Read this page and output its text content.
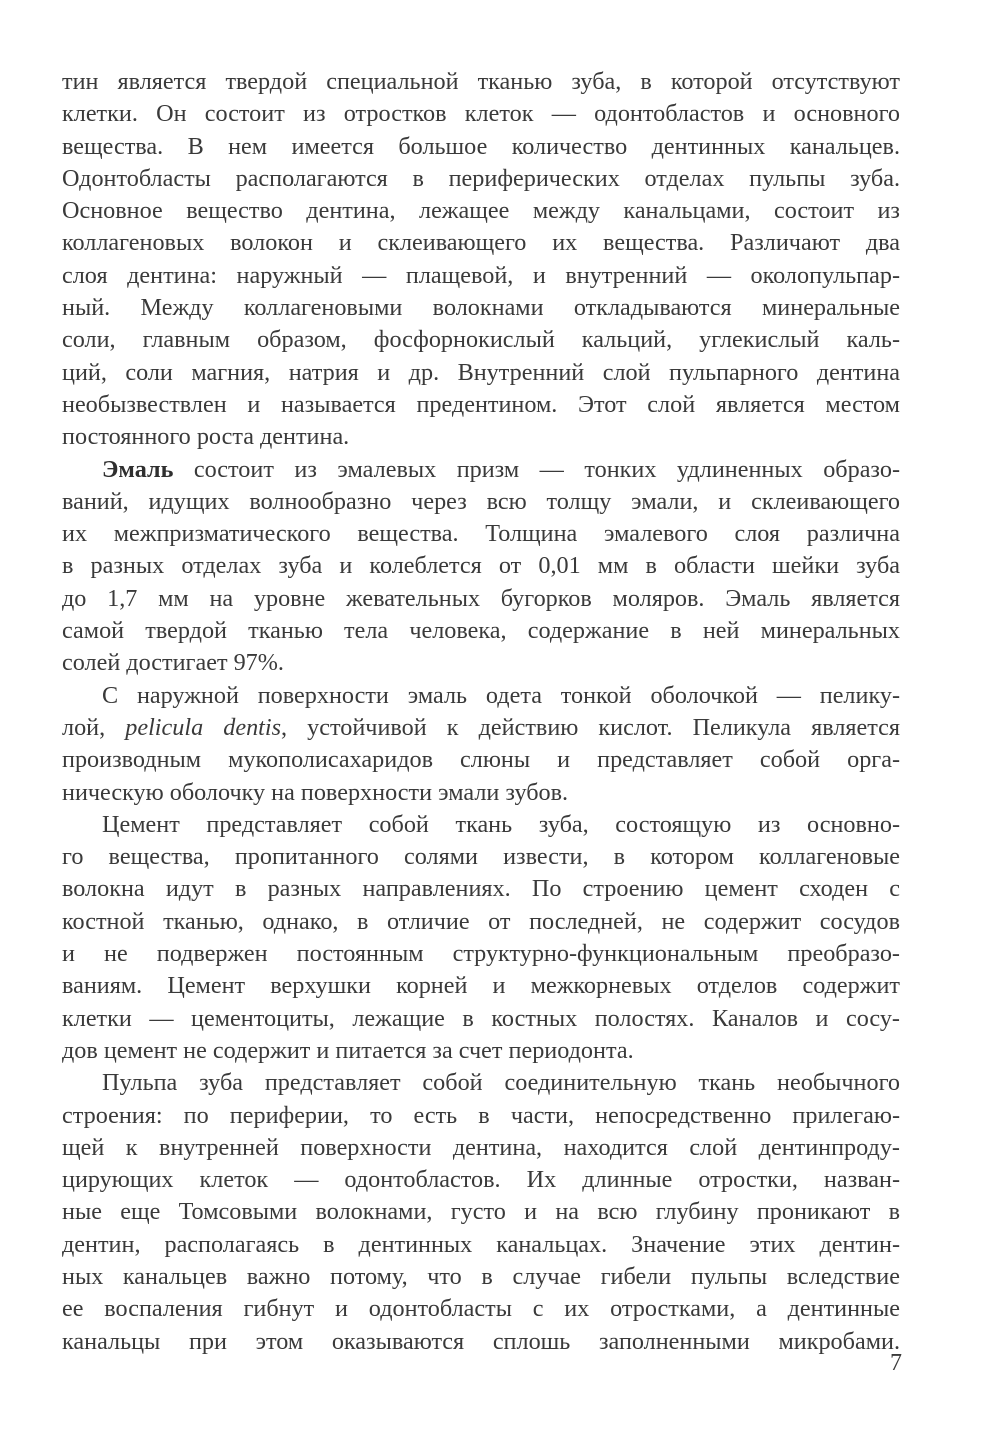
тин является твердой специальной тканью зуба, в которой отсутствуют
клетки. Он состоит из отростков клеток — одонтобластов и основного
вещества. В нем имеется большое количество дентинных канальцев.
Одонтобласты располагаются в периферических отделах пульпы зуба.
Основное вещество дентина, лежащее между канальцами, состоит из
коллагеновых волокон и склеивающего их вещества. Различают два
слоя дентина: наружный — плащевой, и внутренний — околопульпар-
ный. Между коллагеновыми волокнами откладываются минеральные
соли, главным образом, фосфорнокислый кальций, углекислый каль-
ций, соли магния, натрия и др. Внутренний слой пульпарного дентина
необызвествлен и называется предентином. Этот слой является местом
постоянного роста дентина.

Эмаль состоит из эмалевых призм — тонких удлиненных образо-
ваний, идущих волнообразно через всю толщу эмали, и склеивающего
их межпризматического вещества. Толщина эмалевого слоя различна
в разных отделах зуба и колеблется от 0,01 мм в области шейки зуба
до 1,7 мм на уровне жевательных бугорков моляров. Эмаль является
самой твердой тканью тела человека, содержание в ней минеральных
солей достигает 97%.

С наружной поверхности эмаль одета тонкой оболочкой — пелику-
лой, pelicula dentis, устойчивой к действию кислот. Пеликула является
производным мукополисахаридов слюны и представляет собой орга-
ническую оболочку на поверхности эмали зубов.

Цемент представляет собой ткань зуба, состоящую из основно-
го вещества, пропитанного солями извести, в котором коллагеновые
волокна идут в разных направлениях. По строению цемент сходен с
костной тканью, однако, в отличие от последней, не содержит сосудов
и не подвержен постоянным структурно-функциональным преобразо-
ваниям. Цемент верхушки корней и межкорневых отделов содержит
клетки — цементоциты, лежащие в костных полостях. Каналов и сосу-
дов цемент не содержит и питается за счет периодонта.

Пульпа зуба представляет собой соединительную ткань необычного
строения: по периферии, то есть в части, непосредственно прилегаю-
щей к внутренней поверхности дентина, находится слой дентинпроду-
цирующих клеток — одонтобластов. Их длинные отростки, назван-
ные еще Томсовыми волокнами, густо и на всю глубину проникают в
дентин, располагаясь в дентинных канальцах. Значение этих дентин-
ных канальцев важно потому, что в случае гибели пульпы вследствие
ее воспаления гибнут и одонтобласты с их отростками, а дентинные
канальцы при этом оказываются сплошь заполненными микробами.

7
